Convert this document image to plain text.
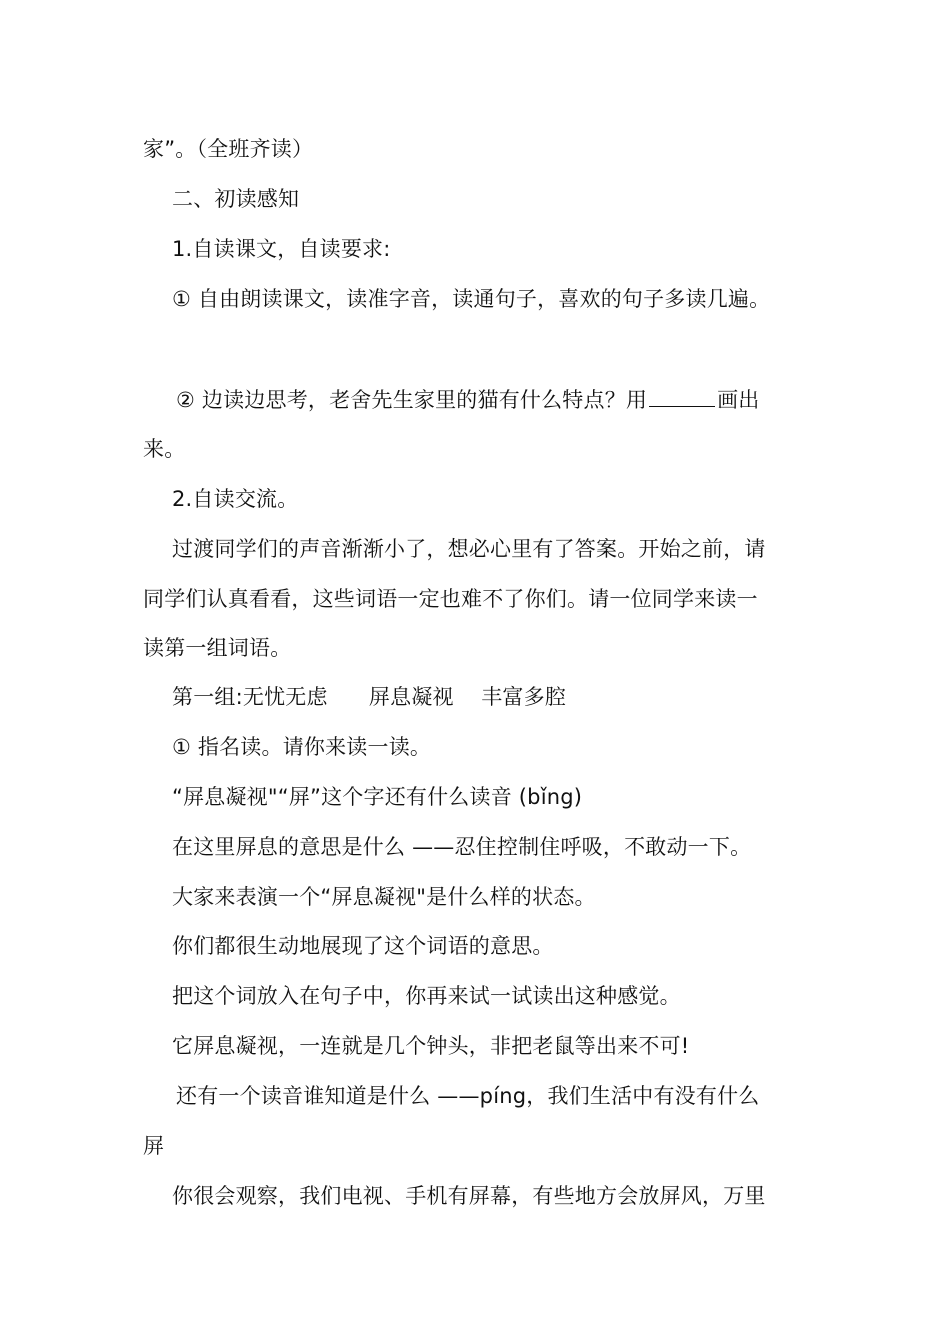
家”。（全班齐读）
二、初读感知
1.自读课文，自读要求:
① 自由朗读课文，读准字音，读通句子，喜欢的句子多读几遍。
② 边读边思考，老舍先生家里的猫有什么特点？用	画出
来。
2.自读交流。
过渡同学们的声音渐渐小了，想必心里有了答案。开始之前，请
同学们认真看看，这些词语一定也难不了你们。请一位同学来读一
读第一组词语。
第一组:无忧无虑      屏息凝视    丰富多腔
① 指名读。请你来读一读。
“屏息凝视"“屏”这个字还有什么读音 (bǐng)
在这里屏息的意思是什么 ——忍住控制住呼吸，不敢动一下。
大家来表演一个“屏息凝视"是什么样的状态。
你们都很生动地展现了这个词语的意思。
把这个词放入在句子中，你再来试一试读出这种感觉。
它屏息凝视，一连就是几个钟头，非把老鼠等出来不可!
还有一个读音谁知道是什么 ——píng，我们生活中有没有什么
屏
你很会观察，我们电视、手机有屏幕，有些地方会放屏风，万里
